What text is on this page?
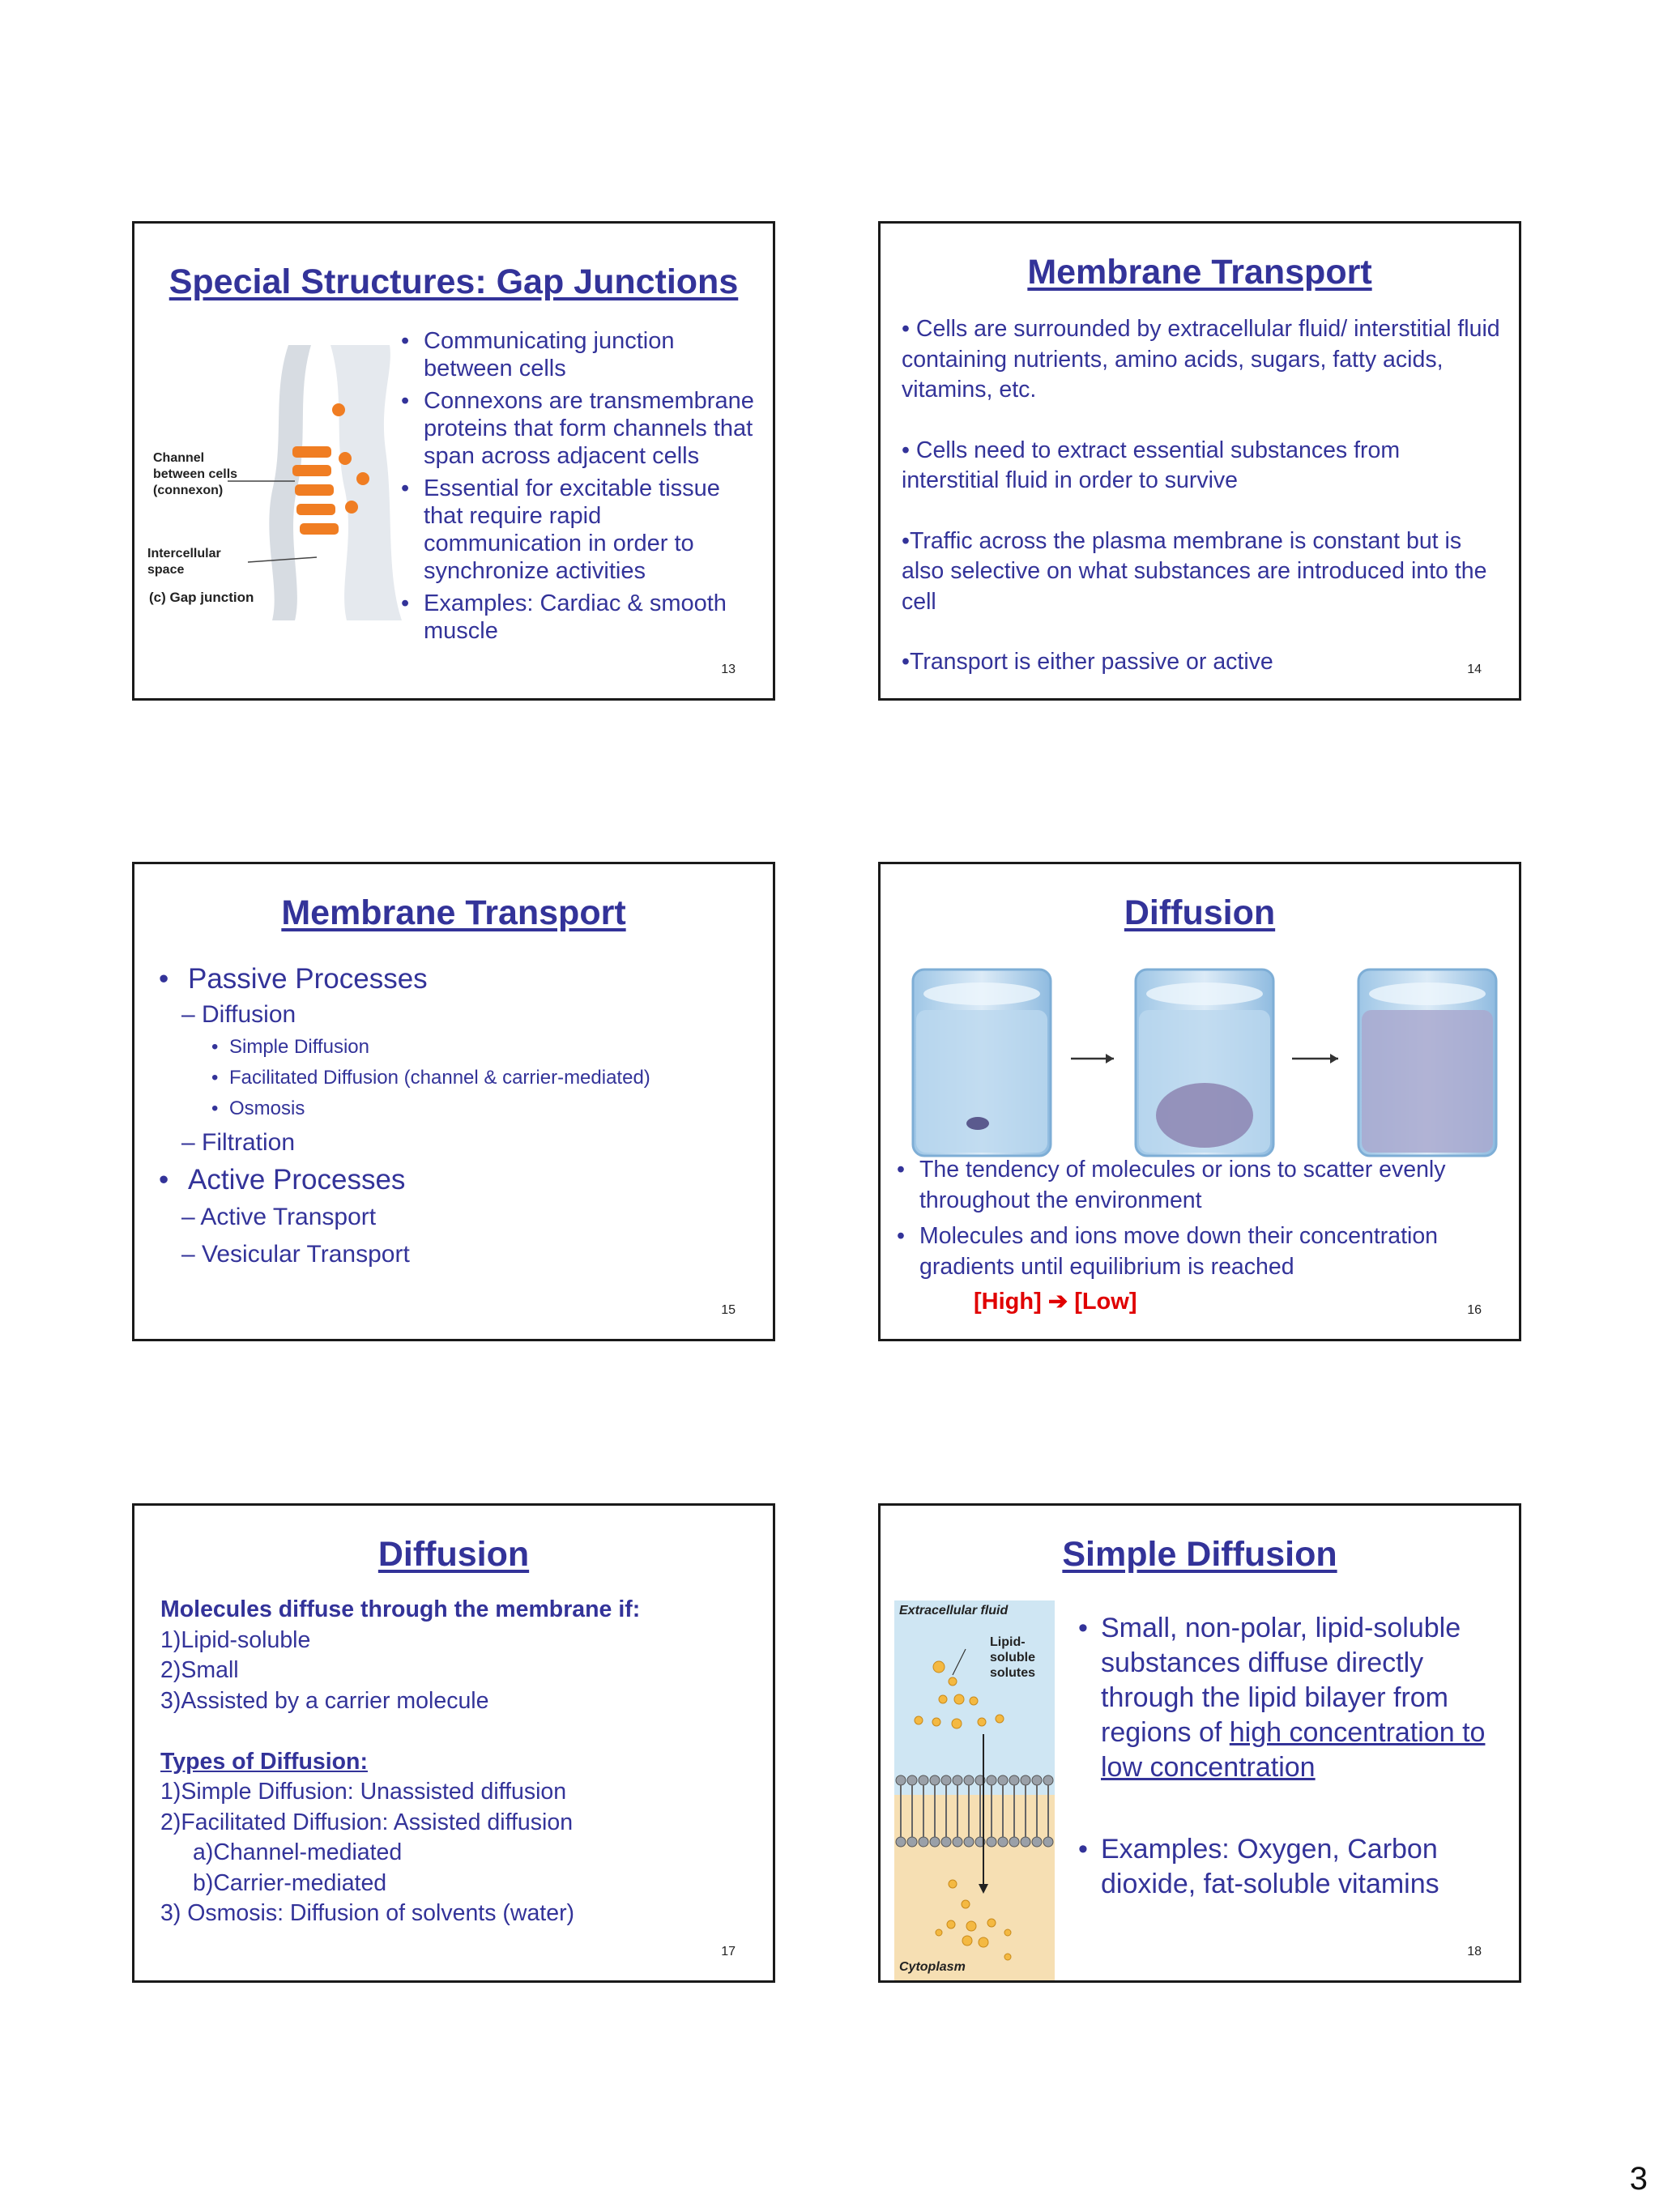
Special Structures: Gap Junctions
Channel
between cells
(connexon)
Intercellular
space
(c) Gap junction
• Communicating junction between cells
• Connexons are transmembrane proteins that form channels that span across adjacent cells
• Essential for excitable tissue that require rapid communication in order to synchronize activities
• Examples: Cardiac & smooth muscle
13
Membrane Transport

• Cells are surrounded by extracellular fluid/ interstitial fluid containing nutrients, amino acids, sugars, fatty acids, vitamins, etc.

• Cells need to extract essential substances from interstitial fluid in order to survive

•Traffic across the plasma membrane is constant but is also selective on what substances are introduced into the cell

•Transport is either passive or active	14
Membrane Transport
• Passive Processes
– Diffusion
• Simple Diffusion
• Facilitated Diffusion (channel & carrier-mediated)
• Osmosis
– Filtration
• Active Processes
– Active Transport
– Vesicular Transport
15
Diffusion
• The tendency of molecules or ions to scatter evenly throughout the environment
• Molecules and ions move down their concentration gradients until equilibrium is reached
[High] ➔ [Low]	16
Diffusion
Molecules diffuse through the membrane if:
1)Lipid-soluble
2)Small
3)Assisted by a carrier molecule
Types of Diffusion:
1)Simple Diffusion: Unassisted diffusion
2)Facilitated Diffusion: Assisted diffusion
a)Channel-mediated
b)Carrier-mediated
3) Osmosis: Diffusion of solvents (water)
17
Simple Diffusion
Extracellular fluid
Lipid-
soluble
solutes
Cytoplasm
• Small, non-polar, lipid-soluble substances diffuse directly through the lipid bilayer from regions of high concentration to low concentration
• Examples: Oxygen, Carbon dioxide, fat-soluble vitamins
18
3
